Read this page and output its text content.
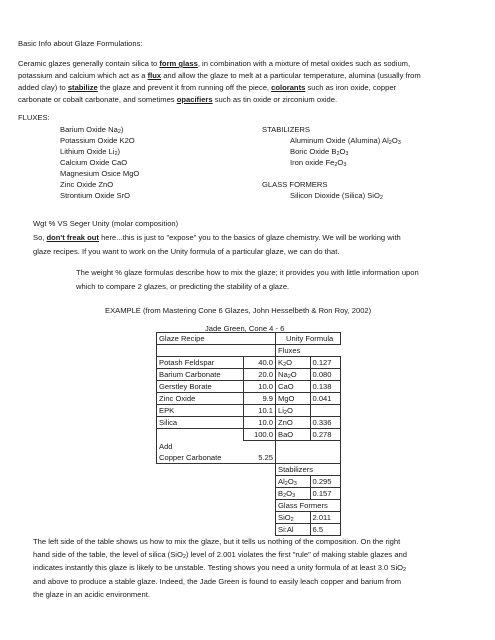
Basic Info about Glaze Formulations:
Ceramic glazes generally contain silica to form glass, in combination with a mixture of metal oxides such as sodium,
potassium and calcium which act as a flux and allow the glaze to melt at a particular temperature, alumina (usually from
added clay) to stabilize the glaze and prevent it from running off the piece, colorants such as iron oxide, copper
carbonate or cobalt carbonate, and sometimes opacifiers such as tin oxide or zirconium oxide.
FLUXES:
Barium Oxide $Na_2$)
Potassium Oxide K2O
Lithium Oxide $Li_2$)
Calcium Oxide CaO
Magnesium Osice MgO
Zinc Oxide ZnO
Strontium Oxide SrO
STABILIZERS
Aluminum Oxide (Alumina) $Al_2O_3$
Boric Oxide $B_2O_3$
Iron oxide $Fe_2O_3$
GLASS FORMERS
Silicon Dioxide (Silica) SiO$_2$
Wgt % VS Seger Unity (molar composition)
So, don't freak out here...this is just to "expose" you to the basics of glaze chemistry. We will be working with
glaze recipes. If you want to work on the Unity formula of a particular glaze, we can do that.
The weight % glaze formulas describe how to mix the glaze; it provides you with little information upon
which to compare 2 glazes, or predicting the stability of a glaze.
EXAMPLE (from Mastering Cone 6 Glazes, John Hesselbeth & Ron Roy, 2002)
Jade Green, Cone 4 - 6
Glaze Recipe			Unity Formula
		Fluxes	
Potash Feldspar	40.0	$K_2O$	0.127
Barium Carbonate	20.0	$Na_2O$	0.080
Gerstley Borate	10.0	CaO	0.138
Zinc Oxide	9.9	MgO	0.041
EPK	10.1	$Li_2O$	
Silica	10.0	ZnO	0.336
	100.0	BaO	0.278
Add			
Copper Carbonate	5.25		
		Stabilizers	
		$Al_2O_3$	0.295
		$B_2O_3$	0.157
		Glass Formers	
		SiO$_2$	2.011
		Si:Al	6.5
The left side of the table shows us how to mix the glaze, but it tells us nothing of the composition. On the right
hand side of the table, the level of silica (SiO$_2$) level of 2.001 violates the first "rule" of making stable glazes and
indicates instantly this glaze is likely to be unstable. Testing shows you need a unity formula of at least 3.0 SiO$_2$
and above to produce a stable glaze. Indeed, the Jade Green is found to easily leach copper and barium from
the glaze in an acidic environment.
